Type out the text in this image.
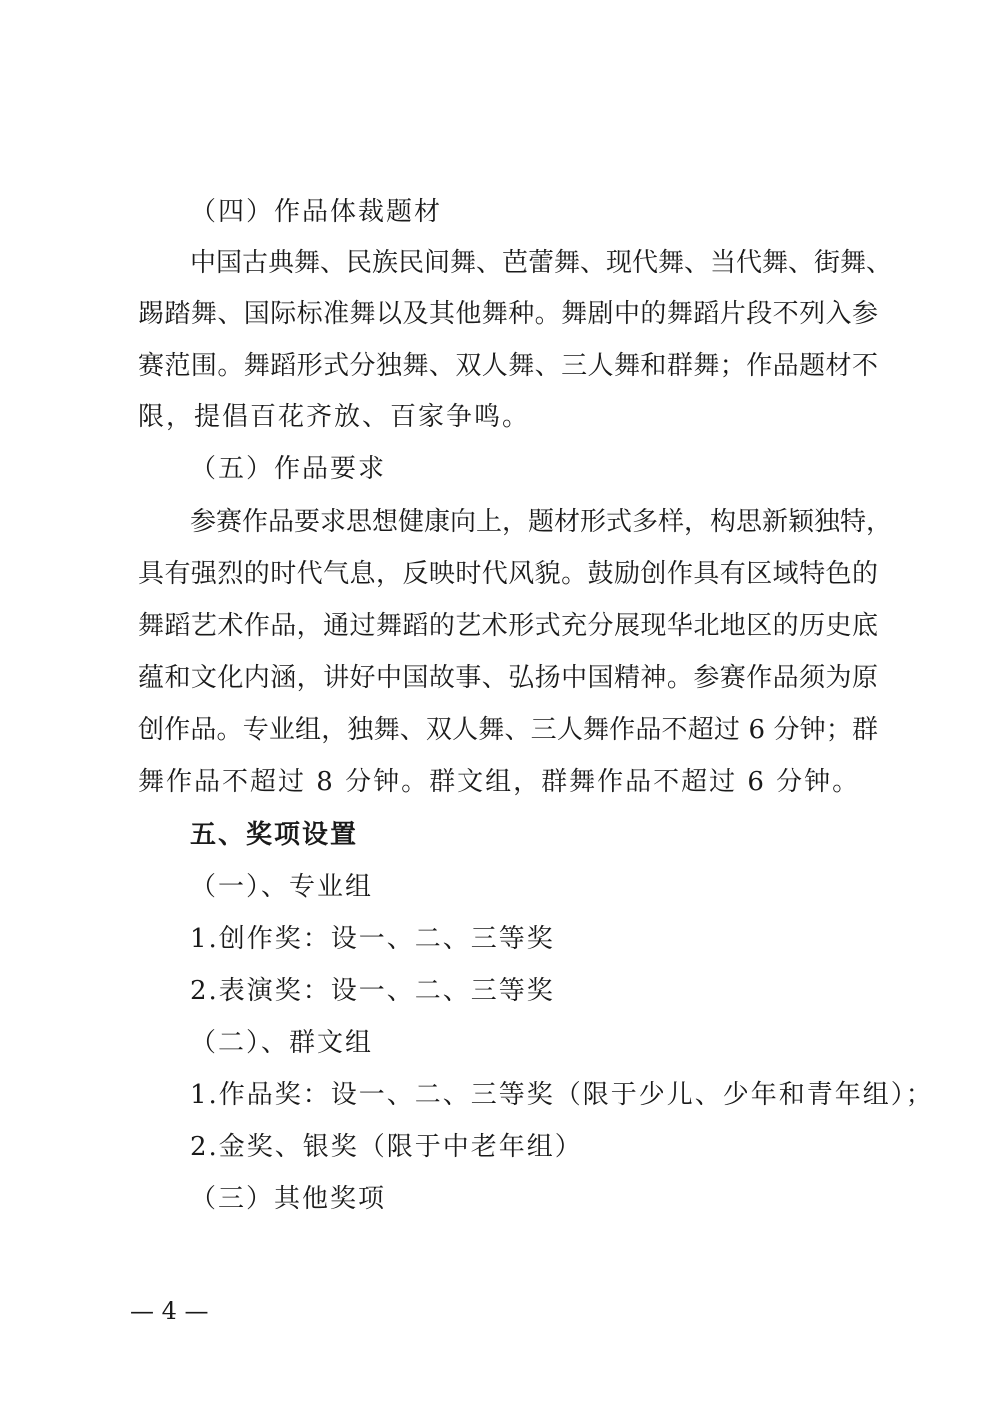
（四）作品体裁题材
中国古典舞、民族民间舞、芭蕾舞、现代舞、当代舞、街舞、
踢踏舞、国际标准舞以及其他舞种。舞剧中的舞蹈片段不列入参
赛范围。舞蹈形式分独舞、双人舞、三人舞和群舞；作品题材不
限，提倡百花齐放、百家争鸣。
（五）作品要求
参赛作品要求思想健康向上，题材形式多样，构思新颖独特，
具有强烈的时代气息，反映时代风貌。鼓励创作具有区域特色的
舞蹈艺术作品，通过舞蹈的艺术形式充分展现华北地区的历史底
蕴和文化内涵，讲好中国故事、弘扬中国精神。参赛作品须为原
创作品。专业组，独舞、双人舞、三人舞作品不超过 6 分钟；群
舞作品不超过 8 分钟。群文组，群舞作品不超过 6 分钟。
五、奖项设置
（一）、专业组
1.创作奖：设一、二、三等奖
2.表演奖：设一、二、三等奖
（二）、群文组
1.作品奖：设一、二、三等奖（限于少儿、少年和青年组）；
2.金奖、银奖（限于中老年组）
（三）其他奖项
— 4 —
